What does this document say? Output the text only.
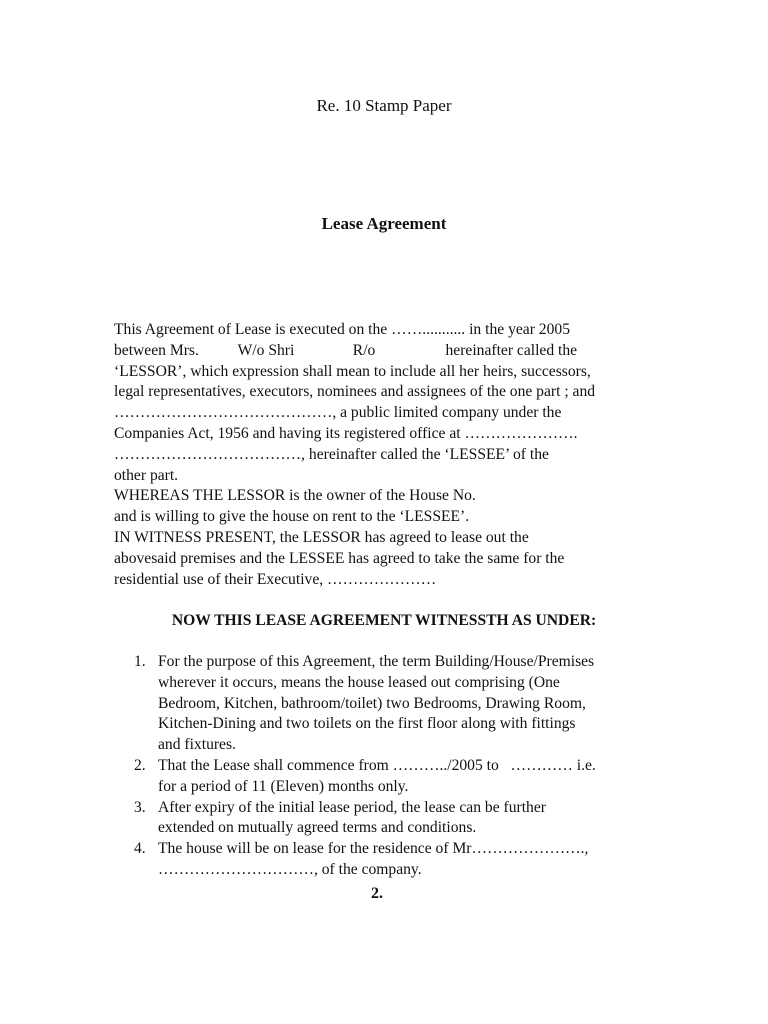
Re. 10 Stamp Paper
Lease Agreement
This Agreement of Lease is executed on the ……........... in the year 2005
between Mrs.          W/o Shri               R/o                  hereinafter called the
‘LESSOR’, which expression shall mean to include all her heirs, successors,
legal representatives, executors, nominees and assignees of the one part ; and
……………………………………, a public limited company under the
Companies Act, 1956 and having its registered office at ………………….
………………………………, hereinafter called the ‘LESSEE’ of the
other part.
WHEREAS THE LESSOR is the owner of the House No.
and is willing to give the house on rent to the ‘LESSEE’.
IN WITNESS PRESENT, the LESSOR has agreed to lease out the
abovesaid premises and the LESSEE has agreed to take the same for the
residential use of their Executive, …………………
NOW THIS LEASE AGREEMENT WITNESSTH AS UNDER:
1. For the purpose of this Agreement, the term Building/House/Premises
wherever it occurs, means the house leased out comprising (One
Bedroom, Kitchen, bathroom/toilet) two Bedrooms, Drawing Room,
Kitchen-Dining and two toilets on the first floor along with fittings
and fixtures.
2. That the Lease shall commence from ………../2005 to   ………… i.e.
for a period of 11 (Eleven) months only.
3. After expiry of the initial lease period, the lease can be further
extended on mutually agreed terms and conditions.
4. The house will be on lease for the residence of Mr………………….,
…………………………, of the company.
2.
